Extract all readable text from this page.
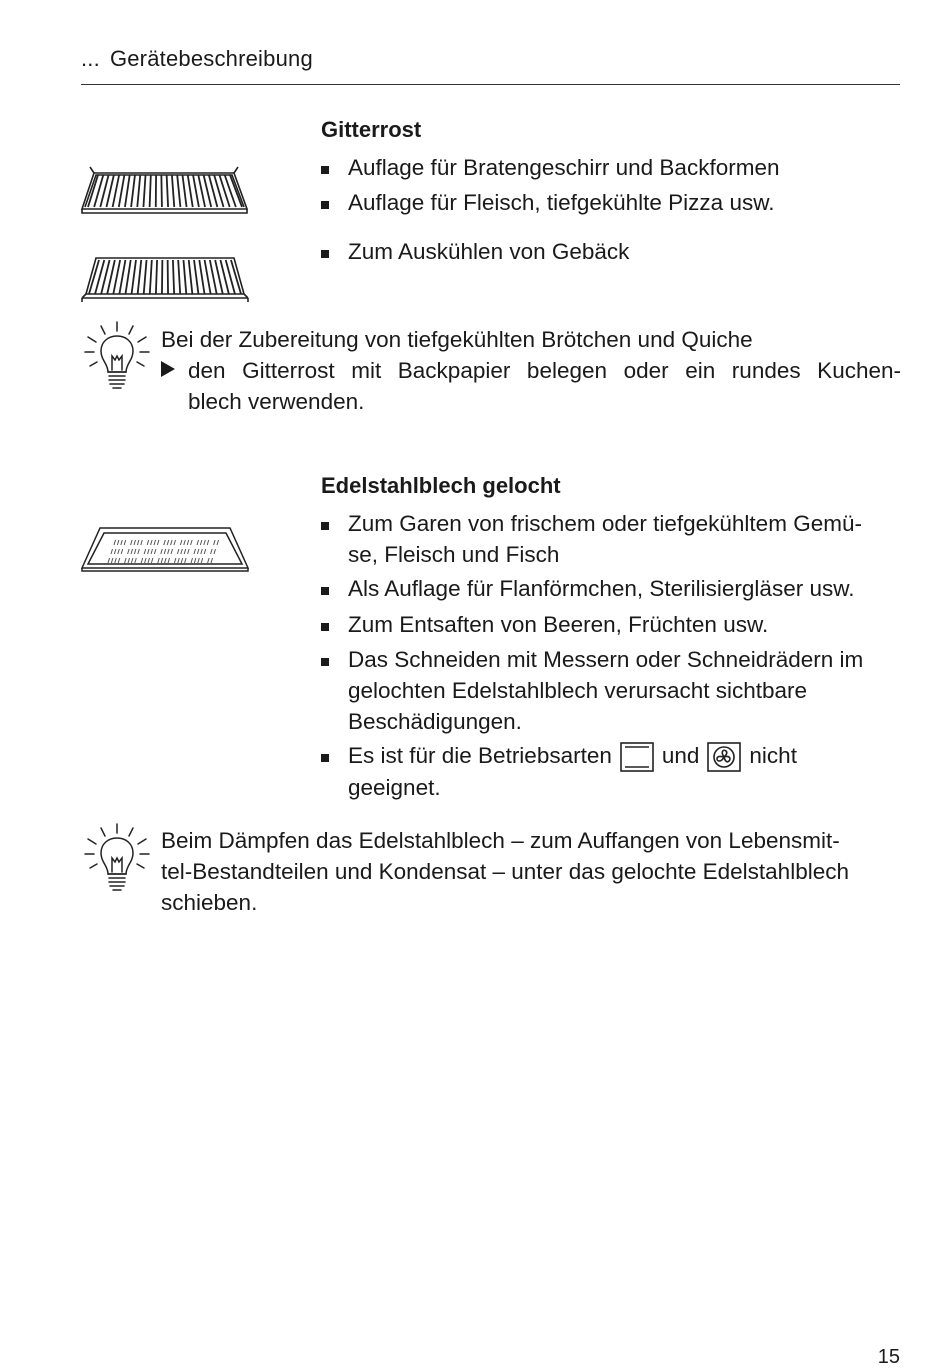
... Gerätebeschreibung
Gitterrost
Auflage für Bratengeschirr und Backformen
Auflage für Fleisch, tiefgekühlte Pizza usw.
Zum Auskühlen von Gebäck
Bei der Zubereitung von tiefgekühlten Brötchen und Quiche
den Gitterrost mit Backpapier belegen oder ein rundes Kuchen-
blech verwenden.
Edelstahlblech gelocht
Zum Garen von frischem oder tiefgekühltem Gemü-
se, Fleisch und Fisch
Als Auflage für Flanförmchen, Sterilisiergläser usw.
Zum Entsaften von Beeren, Früchten usw.
Das Schneiden mit Messern oder Schneidrädern im
gelochten Edelstahlblech verursacht sichtbare
Beschädigungen.
Es ist für die Betriebsarten und nicht
geeignet.
Beim Dämpfen das Edelstahlblech – zum Auffangen von Lebensmit-
tel-Bestandteilen und Kondensat – unter das gelochte Edelstahlblech
schieben.
15
